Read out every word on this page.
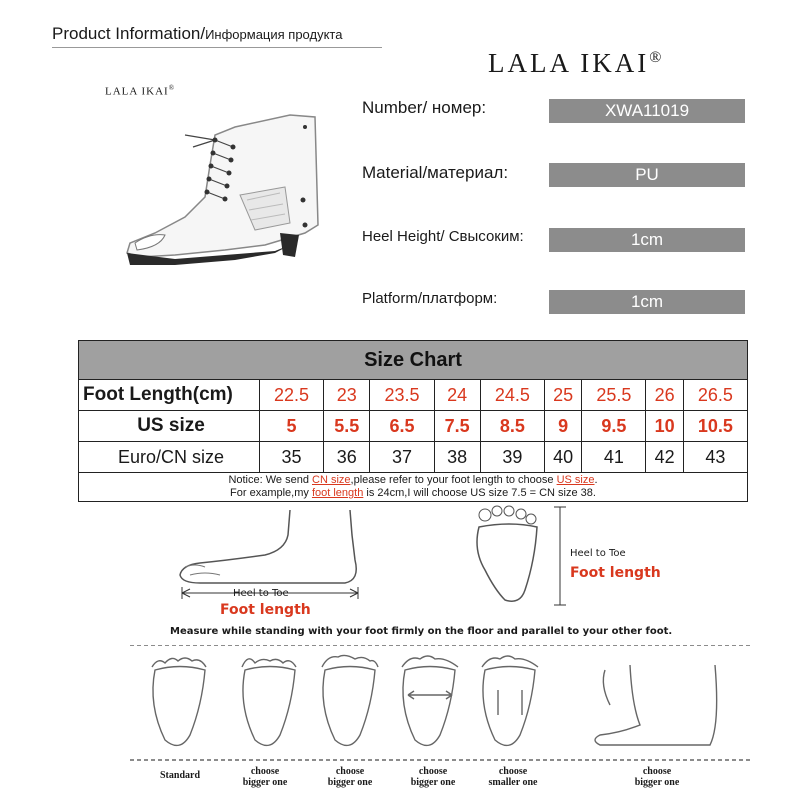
Product Information/Информация продукта
LALA IKAI®
LALA IKAI®
Number/ номер:	XWA11019
Material/материал:	PU
Heel Height/ Свысоким:	1cm
Platform/платформ:	1cm
Size Chart									
Foot Length(cm)	22.5	23	23.5	24	24.5	25	25.5	26	26.5
US size	5	5.5	6.5	7.5	8.5	9	9.5	10	10.5
Euro/CN size	35	36	37	38	39	40	41	42	43

Notice: We send CN size,please refer to your foot length to choose US size.
For example,my foot length is 24cm,I will choose US size 7.5 = CN size 38.									
Heel to Toe
Foot length
Heel to Toe
Foot length
Measure while standing with your foot firmly on the floor and parallel to your other foot.
Standard	choose
bigger one
choose
bigger one
choose
bigger one
choose
smaller one
choose
bigger one
